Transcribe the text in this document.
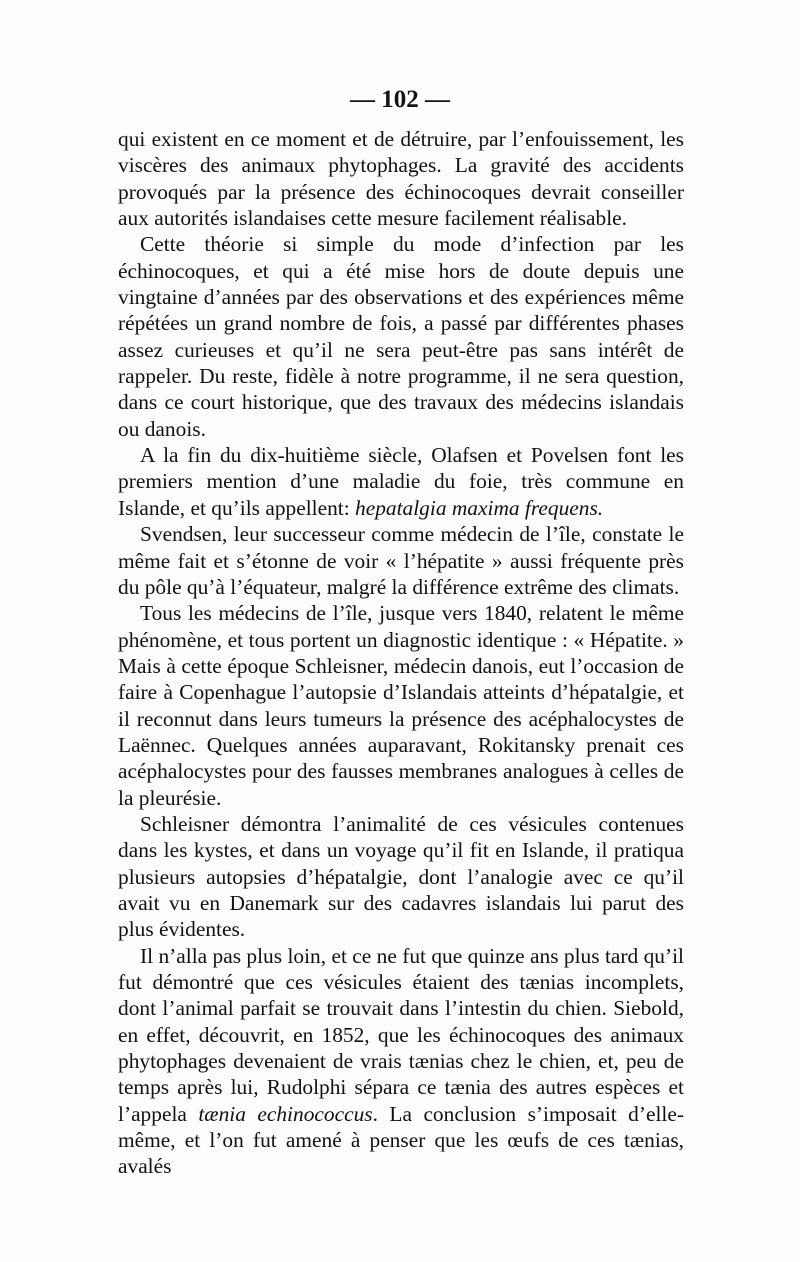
— 102 —

qui existent en ce moment et de détruire, par l’enfouissement, les viscères des animaux phytophages. La gravité des accidents provoqués par la présence des échinocoques devrait conseiller aux autorités islandaises cette mesure facilement réalisable.

Cette théorie si simple du mode d’infection par les échinocoques, et qui a été mise hors de doute depuis une vingtaine d’années par des observations et des expériences même répétées un grand nombre de fois, a passé par différentes phases assez curieuses et qu’il ne sera peut-être pas sans intérêt de rappeler. Du reste, fidèle à notre programme, il ne sera question, dans ce court historique, que des travaux des médecins islandais ou danois.

A la fin du dix-huitième siècle, Olafsen et Povelsen font les premiers mention d’une maladie du foie, très commune en Islande, et qu’ils appellent: hepatalgia maxima frequens.

Svendsen, leur successeur comme médecin de l’île, constate le même fait et s’étonne de voir « l’hépatite » aussi fréquente près du pôle qu’à l’équateur, malgré la différence extrême des climats.

Tous les médecins de l’île, jusque vers 1840, relatent le même phénomène, et tous portent un diagnostic identique : « Hépatite. » Mais à cette époque Schleisner, médecin danois, eut l’occasion de faire à Copenhague l’autopsie d’Islandais atteints d’hépatalgie, et il reconnut dans leurs tumeurs la présence des acéphalocystes de Laënnec. Quelques années auparavant, Rokitansky prenait ces acéphalocystes pour des fausses membranes analogues à celles de la pleurésie.

Schleisner démontra l’animalité de ces vésicules contenues dans les kystes, et dans un voyage qu’il fit en Islande, il pratiqua plusieurs autopsies d’hépatalgie, dont l’analogie avec ce qu’il avait vu en Danemark sur des cadavres islandais lui parut des plus évidentes.

Il n’alla pas plus loin, et ce ne fut que quinze ans plus tard qu’il fut démontré que ces vésicules étaient des tænias incomplets, dont l’animal parfait se trouvait dans l’intestin du chien. Siebold, en effet, découvrit, en 1852, que les échinocoques des animaux phytophages devenaient de vrais tænias chez le chien, et, peu de temps après lui, Rudolphi sépara ce tænia des autres espèces et l’appela tænia echinococcus. La conclusion s’imposait d’elle-même, et l’on fut amené à penser que les œufs de ces tænias, avalés
